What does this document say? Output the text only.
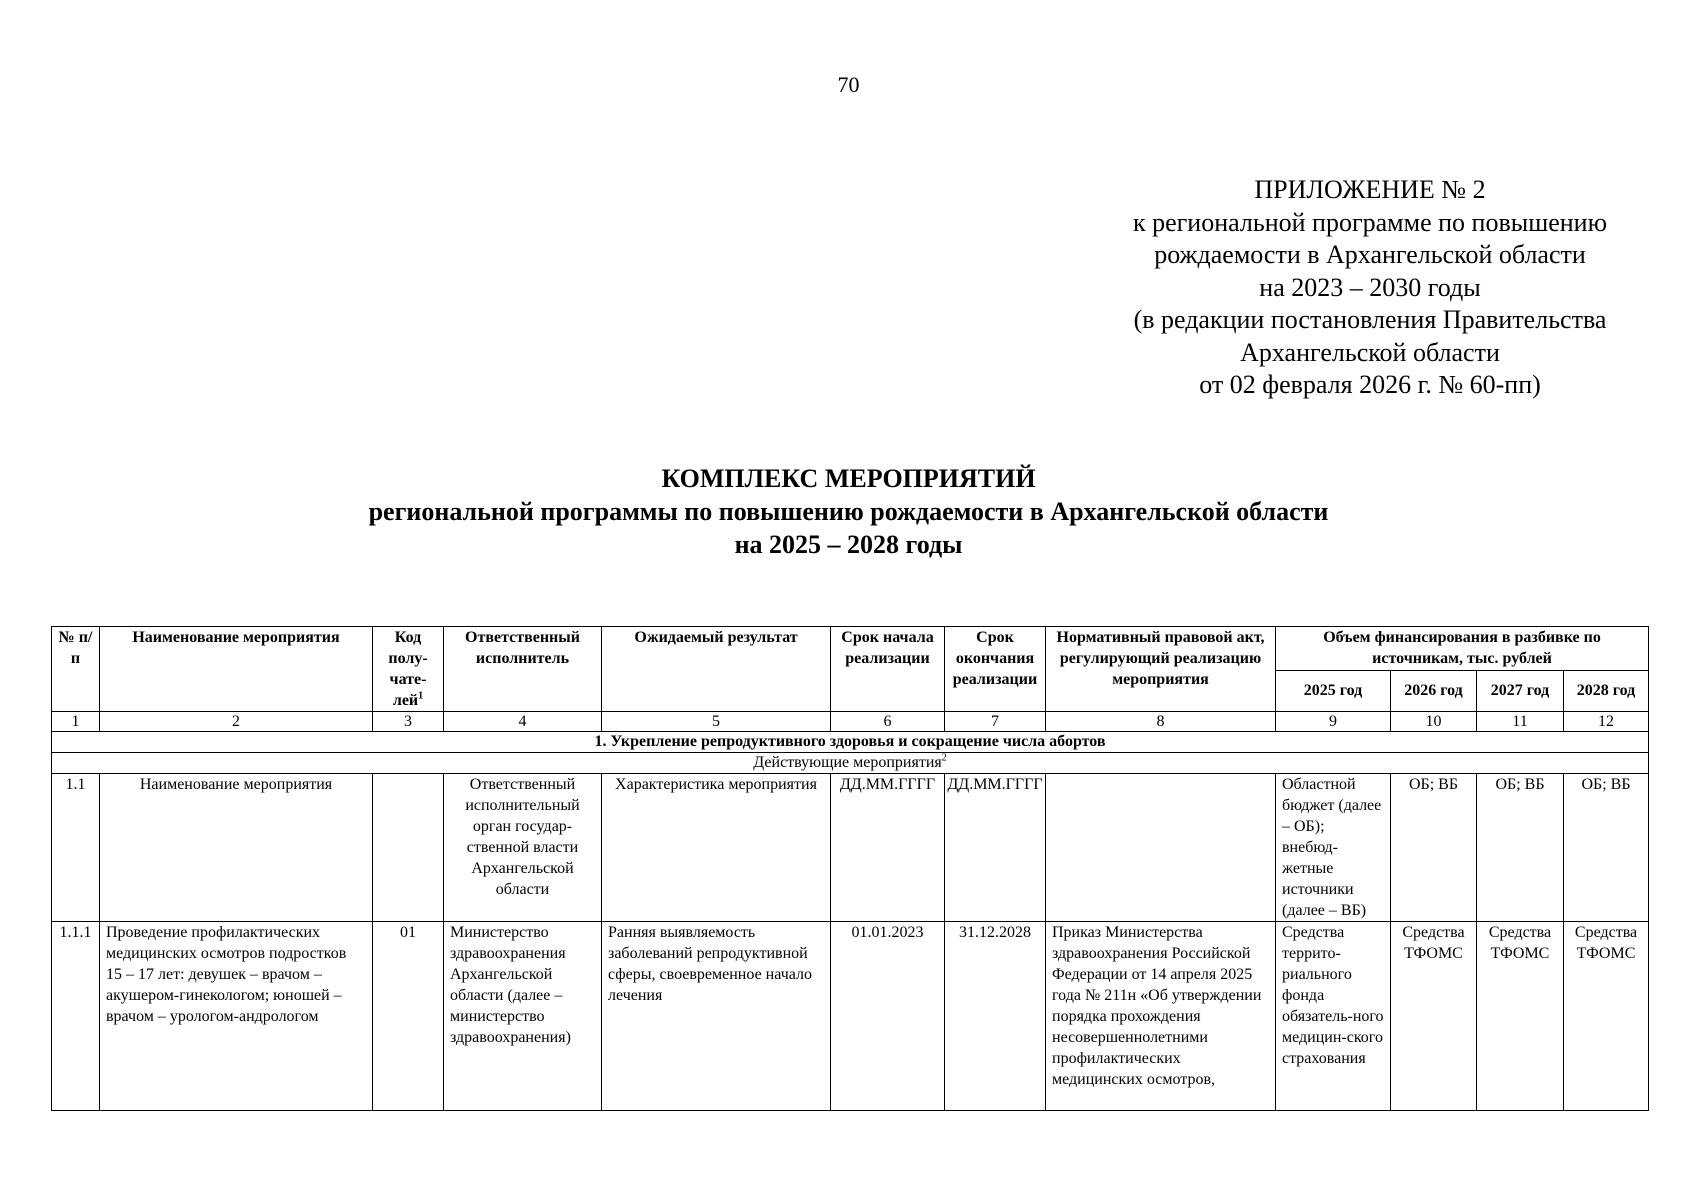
70
ПРИЛОЖЕНИЕ № 2
к региональной программе по повышению
рождаемости в Архангельской области
на 2023 – 2030 годы
(в редакции постановления Правительства
Архангельской области
от 02 февраля 2026 г. № 60-пп)
КОМПЛЕКС МЕРОПРИЯТИЙ
региональной программы по повышению рождаемости в Архангельской области
на 2025 – 2028 годы
№ п/п	Наименование мероприятия	Код полу-чате-лей$^1$	Ответственный исполнитель	Ожидаемый результат	Срок начала реализации	Срок окончания реализации	Нормативный правовой акт, регулирующий реализацию мероприятия	Объем финансирования в разбивке по источникам, тыс. рублей			
								2025 год	2026 год	2027 год	2028 год
1	2	3	4	5	6	7	8	9	10	11	12
1. Укрепление репродуктивного здоровья и сокращение числа абортов											
Действующие мероприятия$^2$
1.1	Наименование мероприятия		Ответственный исполнительный орган государ-ственной власти Архангельской области	Характеристика мероприятия	ДД.ММ.ГГГГ	ДД.ММ.ГГГГ		Областной бюджет (далее – ОБ); внебюд-жетные источники (далее – ВБ)	ОБ; ВБ	ОБ; ВБ	ОБ; ВБ
1.1.1	Проведение профилактических медицинских осмотров подростков 15 – 17 лет: девушек – врачом – акушером-гинекологом; юношей – врачом – урологом-андрологом	01	Министерство здравоохранения Архангельской области (далее – министерство здравоохранения)	Ранняя выявляемость заболеваний репродуктивной сферы, своевременное начало лечения	01.01.2023	31.12.2028	Приказ Министерства здравоохранения Российской Федерации от 14 апреля 2025 года № 211н «Об утверждении порядка прохождения несовершеннолетними профилактических медицинских осмотров,	Средства террито-риального фонда обязатель-ного медицин-ского страхования	Средства ТФОМС	Средства ТФОМС	Средства ТФОМС
